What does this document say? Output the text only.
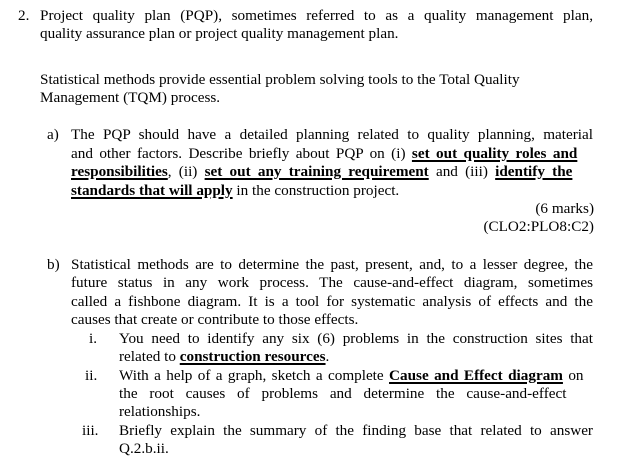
2. Project quality plan (PQP), sometimes referred to as a quality management plan,
quality assurance plan or project quality management plan.
Statistical methods provide essential problem solving tools to the Total Quality
Management (TQM) process.
a) The PQP should have a detailed planning related to quality planning, material
and other factors. Describe briefly about PQP on (i) set out quality roles and
responsibilities, (ii) set out any training requirement and (iii) identify the
standards that will apply in the construction project.
(6 marks)
(CLO2:PLO8:C2)
b) Statistical methods are to determine the past, present, and, to a lesser degree, the
future status in any work process. The cause-and-effect diagram, sometimes
called a fishbone diagram. It is a tool for systematic analysis of effects and the
causes that create or contribute to those effects.
i. You need to identify any six (6) problems in the construction sites that
related to construction resources.
ii. With a help of a graph, sketch a complete Cause and Effect diagram on
the root causes of problems and determine the cause-and-effect
relationships.
iii. Briefly explain the summary of the finding base that related to answer
Q.2.b.ii.
